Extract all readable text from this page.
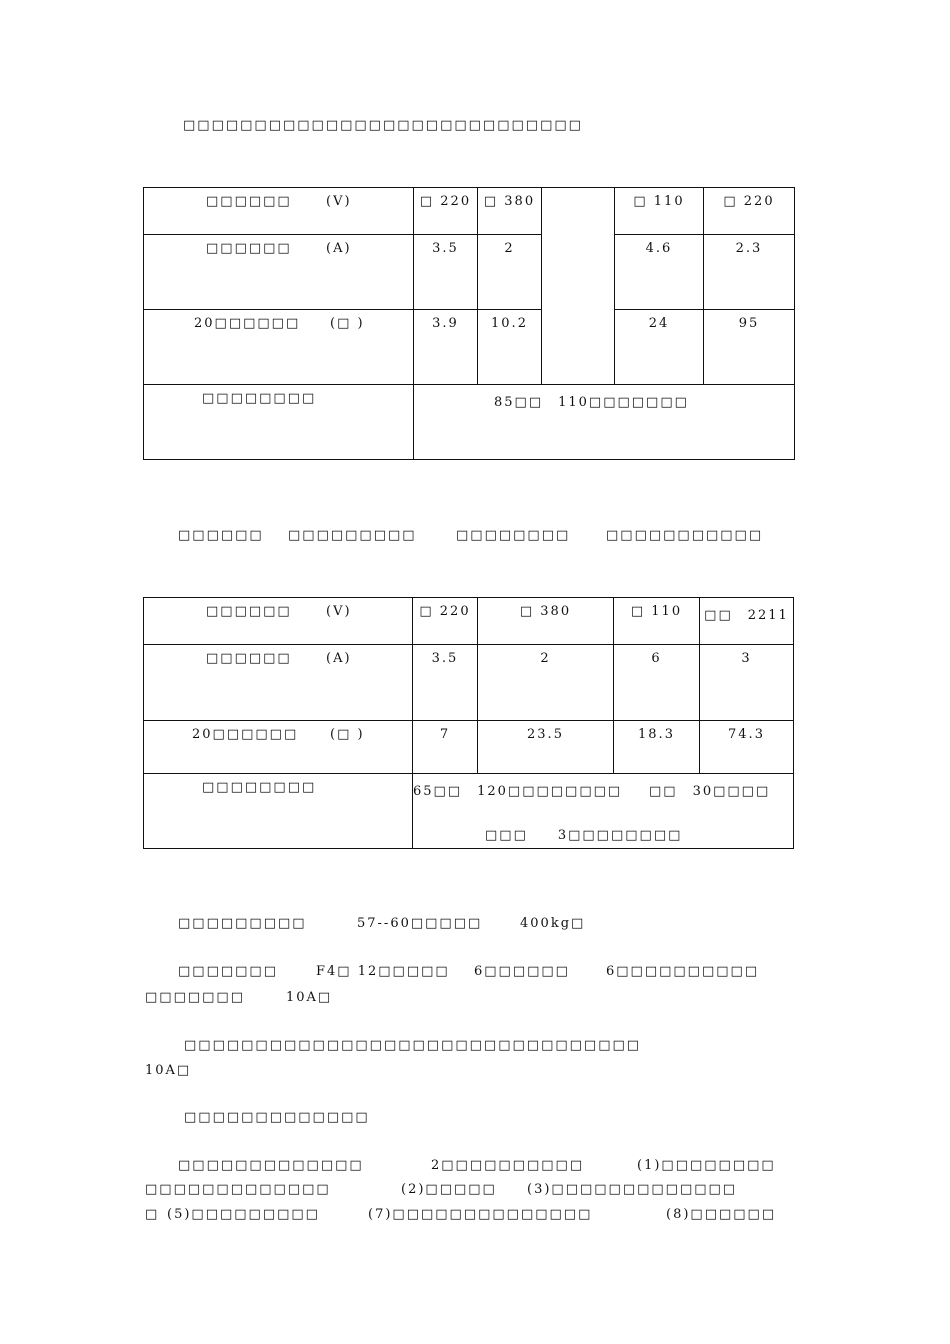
□□□□□□□□□□□□□□□□□□□□□□□□□□□□
□□□□□□ (V)	□ 220	□ 380		□ 110	□ 220

□□□□□□ (A)	3.5	2		4.6	2.3

20□□□□□□ (□ )	3.9	10.2		24	95

□□□□□□□□	85□□　110□□□□□□□				
□□□□□□ □□□□□□□□□	□□□□□□□□	□□□□□□□□□□□
□□□□□□ (V)	□ 220	□ 380	□ 110	□□　2211

□□□□□□ (A)	3.5	2	6	3

20□□□□□□ (□ )	7	23.5	18.3	74.3

□□□□□□□□	65□□　120□□□□□□□□ □□　30□□□□
□□□　　3□□□□□□□□			
□□□□□□□□□	57--60□□□□□	400kg□
□□□□□□□	F4□ 12□□□□□ 6□□□□□□	6□□□□□□□□□□
□□□□□□□	10A□
□□□□□□□□□□□□□□□□□□□□□□□□□□□□□□□□
10A□
□□□□□□□□□□□□□
□□□□□□□□□□□□□	2□□□□□□□□□□	(1)□□□□□□□□
□□□□□□□□□□□□□	(2)□□□□□ (3)□□□□□□□□□□□□□
□ (5)□□□□□□□□□	(7)□□□□□□□□□□□□□□	(8)□□□□□□
